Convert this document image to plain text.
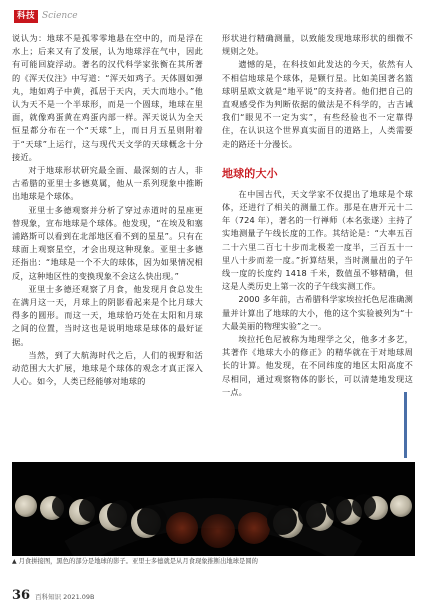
科技 Science

说认为：地球不是孤零零地悬在空中的，而是浮在水上；后来又有了发展，认为地球浮在气中，因此有可能回旋浮动。著名的汉代科学家张衡在其所著的《浑天仪注》中写道：“浑天如鸡子。天体圆如弹丸，地如鸡子中黄，孤居于天内，天大而地小。”他认为天不是一个半球形，而是一个圆球，地球在里面，就像鸡蛋黄在鸡蛋内部一样。浑天说认为全天恒星都分布在一个“天球”上，而日月五星则附着于“天球”上运行，这与现代天文学的天球概念十分接近。

对于地球形状研究最全面、最深刻的古人，非古希腊的亚里士多德莫属，他从一系列现象中推断出地球是个球体。

亚里士多德观察并分析了穿过赤道时的星座更替现象，宣布地球是个球体。他发现，“在埃及和塞浦路斯可以看到在北部地区看不到的星星”。只有在球面上观察星空，才会出现这种现象。亚里士多德还指出：“地球是一个不大的球体，因为如果情况相反，这种地区性的变换现象不会这么快出现。”

亚里士多德还观察了月食，他发现月食总发生在满月这一天，月球上的阴影看起来是个比月球大得多的圆形。而这一天，地球恰巧处在太阳和月球之间的位置，当时这也是说明地球是球体的最好证据。

当然，到了大航海时代之后，人们的视野和活动范围大大扩展，地球是个球体的观念才真正深入人心。如今，人类已经能够对地球的

形状进行精确测量，以致能发现地球形状的细微不规则之处。

遗憾的是，在科技如此发达的今天，依然有人不相信地球是个球体，是颗行星。比如美国著名篮球明星欧文就是“地平说”的支持者。他们把自己的直观感受作为判断依据的做法是不科学的，古吉诫我们“眼见不一定为实”，有些经验也不一定靠得住，在认识这个世界真实面目的道路上，人类需要走的路还十分漫长。

地球的大小

在中国古代，天文学家不仅提出了地球是个球体，还进行了相关的测量工作。那是在唐开元十二年（724 年），著名的一行禅师（本名张遂）主持了实地测量子午线长度的工作。其结论是：“大率五百二十六里二百七十步而北极差一度半，三百五十一里八十步而差一度。”折算结果，当时测量出的子午线一度的长度约 1418 千米，数值虽不够精确，但这是人类历史上第一次的子午线实测工作。

2000 多年前，古希腊科学家埃拉托色尼准确测量并计算出了地球的大小，他的这个实验被列为“十大最美丽的物理实验”之一。

埃拉托色尼被称为地理学之父，他多才多艺，其著作《地球大小的修正》的精华就在于对地球周长的计算。他发现，在不同纬度的地区太阳高度不尽相同，通过观察物体的影长，可以清楚地发现这一点。

▲ 月食拼接图，黑色的部分是地球的影子。亚里士多德就是从月食现象推断出地球是圆的
36 百科知识 2021.09B
